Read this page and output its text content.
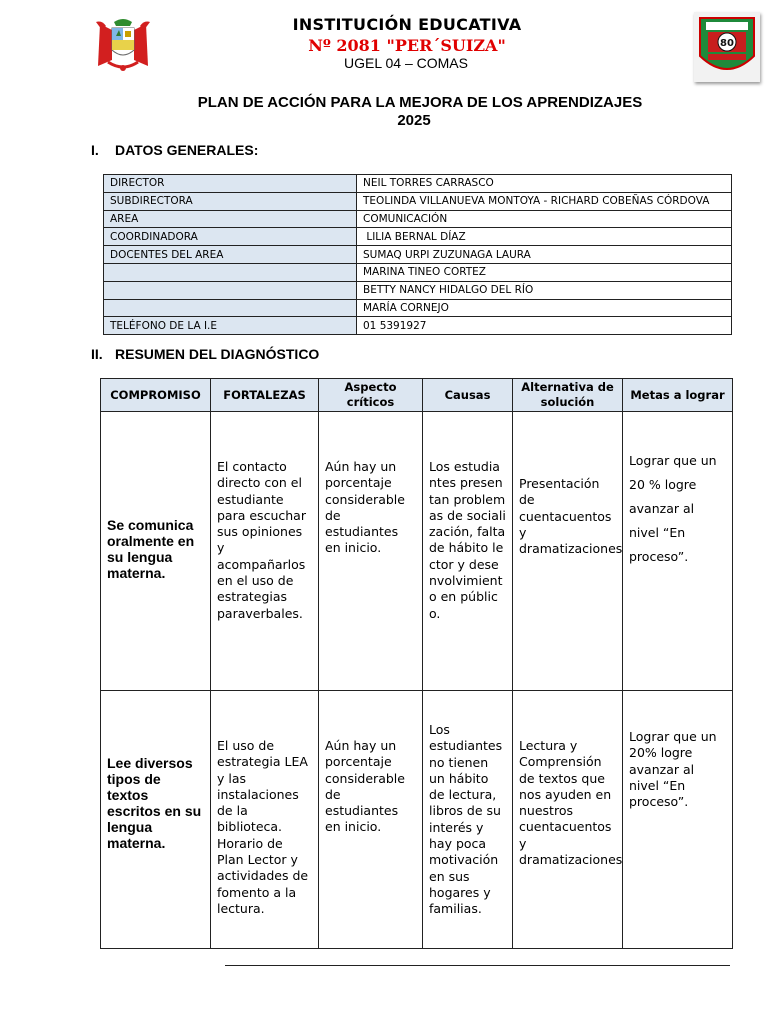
80
INSTITUCIÓN EDUCATIVA
Nº 2081 "PER´SUIZA"
UGEL 04 – COMAS
PLAN DE ACCIÓN PARA LA MEJORA DE LOS APRENDIZAJES
2025
I. DATOS GENERALES:
DIRECTOR	NEIL TORRES CARRASCO
SUBDIRECTORA	TEOLINDA VILLANUEVA MONTOYA - RICHARD COBEÑAS CÓRDOVA
AREA	COMUNICACIÓN
COORDINADORA	LILIA BERNAL DÍAZ
DOCENTES DEL AREA	SUMAQ URPI ZUZUNAGA LAURA
	MARINA TINEO CORTEZ
	BETTY NANCY HIDALGO DEL RÍO
	MARÍA CORNEJO
TELÉFONO DE LA I.E	01 5391927
II. RESUMEN DEL DIAGNÓSTICO
COMPROMISO	FORTALEZAS	Aspecto críticos	Causas	Alternativa de solución	Metas a lograr

Se comunica oralmente en su lengua materna.	El contacto directo con el estudiante para escuchar sus opiniones y acompañarlos en el uso de estrategias paraverbales.	Aún hay un porcentaje considerable de estudiantes en inicio.	Los estudiantes presentan problemas de socialización, falta de hábito lector y desenvolvimiento en público.	Presentación de cuentacuentos y dramatizaciones	Lograr que un 20 % logre avanzar al nivel “En proceso”.

Lee diversos tipos de textos escritos en su lengua materna.	El uso de estrategia LEA y las instalaciones de la biblioteca. Horario de Plan Lector y actividades de fomento a la lectura.	Aún hay un porcentaje considerable de estudiantes en inicio.	Los estudiantes no tienen un hábito de lectura, libros de su interés y hay poca motivación en sus hogares y familias.	Lectura y Comprensión de textos que nos ayuden en nuestros cuentacuentos y dramatizaciones	Lograr que un 20% logre avanzar al nivel “En proceso”.
